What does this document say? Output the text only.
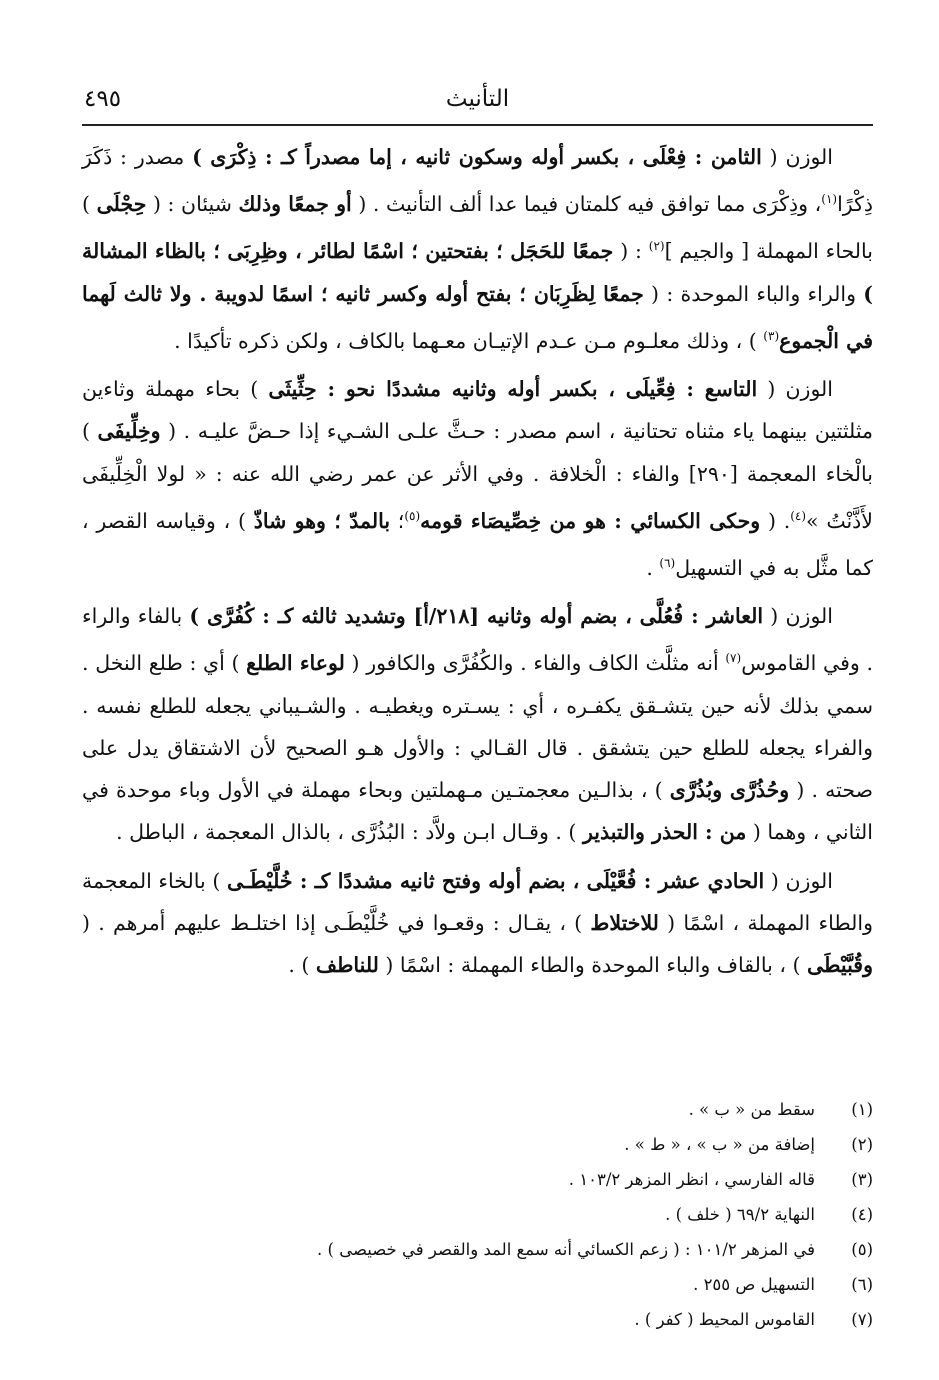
التأنيث
٤٩٥

الوزن ( الثامن : فِعْلَى ، بكسر أوله وسكون ثانيه ، إما مصدراً كـ : ذِكْرَى ) مصدر : ذَكَرَ ذِكْرًا$^{(١)}$، وذِكْرَى مما توافق فيه كلمتان فيما عدا ألف التأنيث . ( أو جمعًا وذلك شيئان : ( حِجْلَى ) بالحاء المهملة [ والجيم ]$^{(٢)}$ : ( جمعًا للحَجَل ؛ بفتحتين ؛ اسْمًا لطائر ، وظِرِبَى ؛ بالظاء المشالة ) والراء والباء الموحدة : ( جمعًا لِظَرِبَان ؛ بفتح أوله وكسر ثانيه ؛ اسمًا لدويبة . ولا ثالث لَهما في الْجموع$^{(٣)}$ ) ، وذلك معلـوم مـن عـدم الإتيـان معـهما بالكاف ، ولكن ذكره تأكيدًا .

الوزن ( التاسع : فِعِّيلَى ، بكسر أوله وثانيه مشددًا نحو : حِثِّيثَى ) بحاء مهملة وثاءين مثلثتين بينهما ياء مثناه تحتانية ، اسم مصدر : حـثَّ علـى الشـيء إذا حـضَّ عليـه . ( وخِلِّيفَى ) بالْخاء المعجمة [٢٩٠] والفاء : الْخلافة . وفي الأثر عن عمر رضي الله عنه : « لولا الْخِلِّيفَى لأَذَّنْتُ »$^{(٤)}$. ( وحكى الكسائي : هو من خِصِّيصَاء قومه$^{(٥)}$؛ بالمدّ ؛ وهو شاذّ ) ، وقياسه القصر ، كما مثَّل به في التسهيل$^{(٦)}$ .

الوزن ( العاشر : فُعُلَّى ، بضم أوله وثانيه [٢١٨/أ] وتشديد ثالثه كـ : كُفُرَّى ) بالفاء والراء . وفي القاموس$^{(٧)}$ أنه مثلَّث الكاف والفاء . والكُفُرَّى والكافور ( لوعاء الطلع ) أي : طلع النخل . سمي بذلك لأنه حين يتشـقق يكفـره ، أي : يسـتره ويغطيـه . والشـيباني يجعله للطلع نفسه . والفراء يجعله للطلع حين يتشقق . قال القـالي : والأول هـو الصحيح لأن الاشتقاق يدل على صحته . ( وحُذُرَّى وبُذُرَّى ) ، بذالـين معجمتـين مـهملتين وبحاء مهملة في الأول وباء موحدة في الثاني ، وهما ( من : الحذر والتبذير ) . وقـال ابـن ولاَّد : البُذُرَّى ، بالذال المعجمة ، الباطل .

الوزن ( الحادي عشر : فُعَّيْلَى ، بضم أوله وفتح ثانيه مشددًا كـ : خُلَّيْطَـى ) بالخاء المعجمة والطاء المهملة ، اسْمًا ( للاختلاط ) ، يقـال : وقعـوا في خُلَّيْطَـى إذا اختلـط عليهم أمرهم . ( وقُبَّيْطَى ) ، بالقاف والباء الموحدة والطاء المهملة : اسْمًا ( للناطف ) .

(١)
سقط من « ب » .
(٢)
إضافة من « ب » ، « ط » .
(٣)
قاله الفارسي ، انظر المزهر ١٠٣/٢ .
(٤)
النهاية ٦٩/٢ ( خلف ) .
(٥)
في المزهر ١٠١/٢ : ( زعم الكسائي أنه سمع المد والقصر في خصيصى ) .
(٦)
التسهيل ص ٢٥٥ .
(٧)
القاموس المحيط ( كفر ) .
